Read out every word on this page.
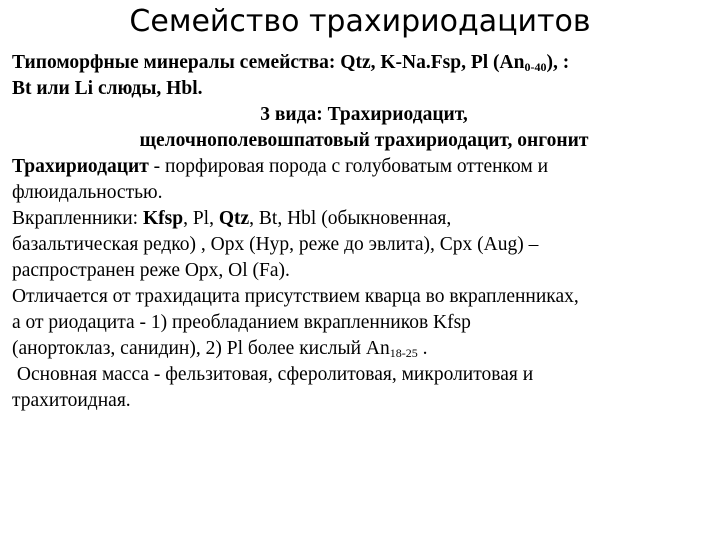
Семейство трахириодацитов
Типоморфные минералы семейства: Qtz, K-Na.Fsp, Pl $(An_{0-40})$, :
Bt или Li слюды, Hbl.
3 вида: Трахириодацит,
щелочнополевошпатовый трахириодацит, онгонит
Трахириодацит - порфировая порода с голубоватым оттенком и
флюидальностью.
Вкрапленники: Kfsp, Pl, Qtz, Bt, Hbl (обыкновенная,
базальтическая редко) , Opx (Hyp, реже до эвлита), Cpx (Aug) –
распространен реже Opx, Ol (Fa).
Отличается от трахидацита присутствием кварца во вкрапленниках,
а от риодацита - 1) преобладанием вкрапленников Kfsp
(анортоклаз, санидин), 2) Pl более кислый $An_{18-25}$ .
Основная масса - фельзитовая, сферолитовая, микролитовая и
трахитоидная.
